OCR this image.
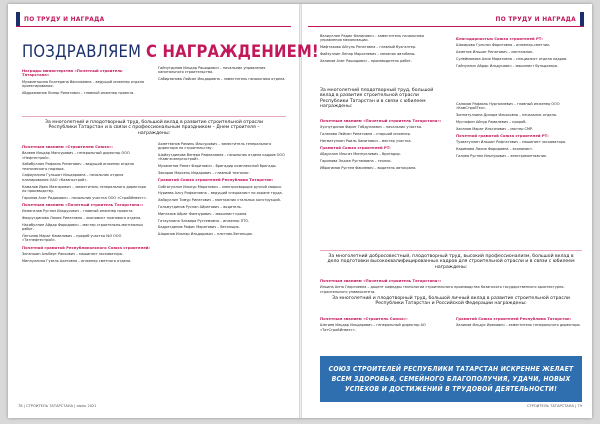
ПО ТРУДУ И НАГРАДА
ПОЗДРАВЛЯЕМ С НАГРАЖДЕНИЕМ!
Награды министерства «Почетный строитель Татарстана»

Мухаметшина Екатерина Васильевна – ведущий инженер отдела проектирования.

Абдрахманов Линар Ринатович – главный инженер проекта.

Гайнутдинов Ильдар Рашидович – начальник управления капитального строительства.

Сабирзянова Ляйсан Ильдаровна – заместитель начальника отдела.

За многолетний и плодотворный труд, большой вклад в развитие строительной отрасли Республики Татарстан и в связи с профессиональным праздником – Днем строителя – награждены:
Почетным званием «Строителем Союза»:

Валеев Ильдар Мансурович – генеральный директор ООО «Нефтестрой».

Хабибуллин Рафаэль Ринатович – ведущий инженер отдела технического надзора.

Сафиуллина Гульшат Ильдаровна – начальник отдела планирования ОАО «Казаньстрой».

Камалов Ирек Мазгарович – заместитель генерального директора по производству.

Гарипов Азат Радикович – начальник участка ООО «СтройИнвест».

Почетным званием «Почетный строитель Татарстана»:

Исмагилов Рустем Ильдусович – главный инженер проекта.

Фахрутдинова Лилия Ринатовна – экономист планового отдела.

Насибуллин Айдар Фаридович – мастер строительно-монтажных работ.

Латыпов Марат Камилович – прораб участка №3 ООО «Татнефтестрой».

Почетной грамотой Республиканского Союза строителей:

Зиганшин Альберт Раисович – машинист экскаватора.

Миннуллина Гузель Ахатовна – инженер сметного отдела.

Ахметзянов Рамиль Ильсурович – заместитель генерального директора по строительству.

Шайхутдинова Венера Рафаэловна – начальник отдела кадров ООО «Камгэсэнергострой».

Мухаметов Ринат Фаритович – бригадир комплексной бригады.

Закиров Марсель Илдарович – главный технолог.

Грамотой Союза строителей Республики Татарстан:

Сибгатуллин Ильнур Маратович – электросварщик ручной сварки.

Нуриева Алсу Рифкатовна – ведущий специалист по охране труда.

Хайруллин Тимур Ринатович – монтажник стальных конструкций.

Гильмутдинов Руслан Айратович – водитель.

Мингазов Айрат Фаннурович – машинист крана.

Гатауллина Эльвира Рустемовна – инженер ПТО.

Бадретдинов Рафис Маратович – бетонщик.

Шарипов Ильнар Ильдарович – плотник-бетонщик.

78 | СТРОИТЕЛЬ ТАТАРСТАНА | июль 2021
ПО ТРУДУ И НАГРАДА

Валиуллин Радик Фанисович – заместитель начальника управления механизации.

Мифтахова Айгуль Ренатовна – главный бухгалтер.

Файзуллин Ленар Марселевич – механик автобазы.

Халиков Азат Рашидович – производитель работ.

Благодарностью Союза строителей РТ:

Шакирова Гульназ Фаритовна – инженер-сметчик.

Ахметов Ильшат Ринатович – монтажник.

Сулейманова Алия Маратовна – специалист отдела кадров.

Гайнуллин Айдар Ильдусович – машинист бульдозера.

За многолетний плодотворный труд, большой вклад в развитие строительной отрасли Республики Татарстан и в связи с юбилеем награждены:
Почетным званием «Почетный строитель Татарстана»:

Хуснутдинов Фарит Габдуллович – начальник участка.

Гилязова Лейсан Ринатовна – старший инженер.

Нигматуллин Раиль Хамитович – мастер участка.

Грамотой Союза строителей РТ:

Абдуллин Ильгиз Миннуллович – бригадир.

Гарипова Эндже Рустамовна – техник.

Ибрагимов Рустем Фаилевич – водитель автокрана.

Салахов Рафаэль Нургалиевич – главный инженер ООО «КамСтройТех».

Зиннатуллина Диляра Ильясовна – начальник отдела.

Мустафин Айнур Рамилевич – прораб.

Хасанов Марат Ильгизович – мастер СМР.

Почетной грамотой Союза строителей РТ:

Тухватуллин Ильшат Рифгатович – машинист экскаватора.

Каримова Лилия Фаридовна – экономист.

Галиев Рустем Ильнурович – электромонтажник.

За многолетний добросовестный, плодотворный труд, высокий профессионализм, большой вклад в дело подготовки высококвалифицированных кадров для строительной отрасли и в связи с юбилеем награждены:
Почетным званием «Почетный строитель Татарстана»:

Ильина Анна Георгиевна – доцент кафедры технологии строительного производства Казанского государственного архитектурно-строительного университета.

За многолетний и плодотворный труд, большой личный вклад в развитие строительной отрасли Республики Татарстан и Российской Федерации награждены:
Почетным званием «Строитель Союза»:

Шагиев Ильдар Ильдарович – генеральный директор АО «ТатСтройИнвест».

Грамотой Союза строителей Республики Татарстан:

Халиков Ильдус Ирекович – заместитель генерального директора.

СОЮЗ СТРОИТЕЛЕЙ РЕСПУБЛИКИ ТАТАРСТАН ИСКРЕННЕ ЖЕЛАЕТ ВСЕМ ЗДОРОВЬЯ, СЕМЕЙНОГО БЛАГОПОЛУЧИЯ, УДАЧИ, НОВЫХ УСПЕХОВ И ДОСТИЖЕНИЙ В ТРУДОВОЙ ДЕЯТЕЛЬНОСТИ!
СТРОИТЕЛЬ ТАТАРСТАНА | 79
